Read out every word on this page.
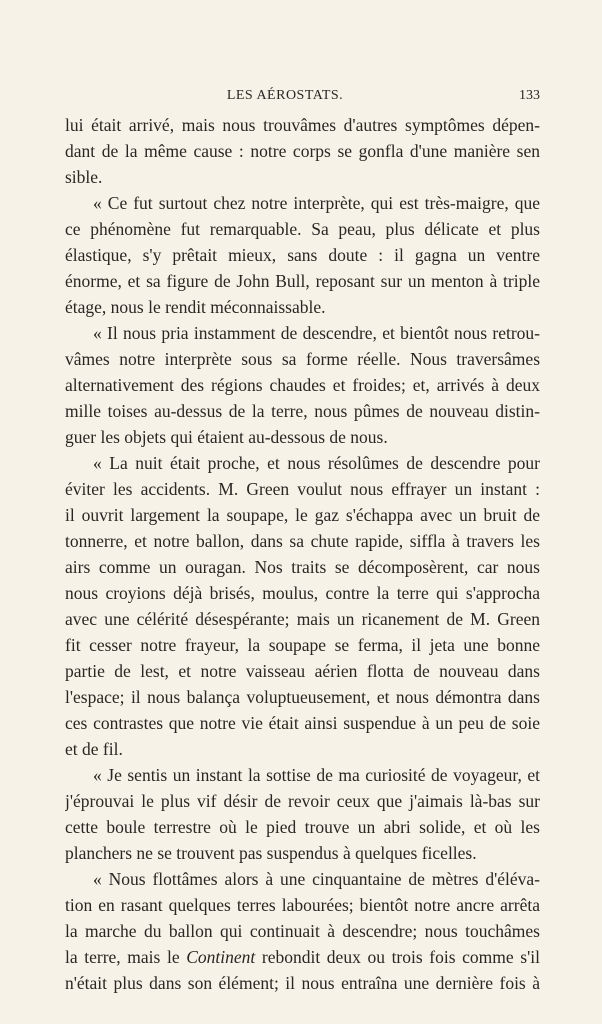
LES AÉROSTATS.	133
lui était arrivé, mais nous trouvâmes d'autres symptômes dépen-
dant de la même cause : notre corps se gonfla d'une manière sen
sible.
« Ce fut surtout chez notre interprète, qui est très-maigre, que
ce phénomène fut remarquable. Sa peau, plus délicate et plus
élastique, s'y prêtait mieux, sans doute : il gagna un ventre
énorme, et sa figure de John Bull, reposant sur un menton à triple
étage, nous le rendit méconnaissable.
« Il nous pria instamment de descendre, et bientôt nous retrou-
vâmes notre interprète sous sa forme réelle. Nous traversâmes
alternativement des régions chaudes et froides; et, arrivés à deux
mille toises au-dessus de la terre, nous pûmes de nouveau distin-
guer les objets qui étaient au-dessous de nous.
« La nuit était proche, et nous résolûmes de descendre pour
éviter les accidents. M. Green voulut nous effrayer un instant :
il ouvrit largement la soupape, le gaz s'échappa avec un bruit de
tonnerre, et notre ballon, dans sa chute rapide, siffla à travers les
airs comme un ouragan. Nos traits se décomposèrent, car nous
nous croyions déjà brisés, moulus, contre la terre qui s'approcha
avec une célérité désespérante; mais un ricanement de M. Green
fit cesser notre frayeur, la soupape se ferma, il jeta une bonne
partie de lest, et notre vaisseau aérien flotta de nouveau dans
l'espace; il nous balança voluptueusement, et nous démontra dans
ces contrastes que notre vie était ainsi suspendue à un peu de soie
et de fil.
« Je sentis un instant la sottise de ma curiosité de voyageur, et
j'éprouvai le plus vif désir de revoir ceux que j'aimais là-bas sur
cette boule terrestre où le pied trouve un abri solide, et où les
planchers ne se trouvent pas suspendus à quelques ficelles.
« Nous flottâmes alors à une cinquantaine de mètres d'éléva-
tion en rasant quelques terres labourées; bientôt notre ancre arrêta
la marche du ballon qui continuait à descendre; nous touchâmes
la terre, mais le Continent rebondit deux ou trois fois comme s'il
n'était plus dans son élément; il nous entraîna une dernière fois à
